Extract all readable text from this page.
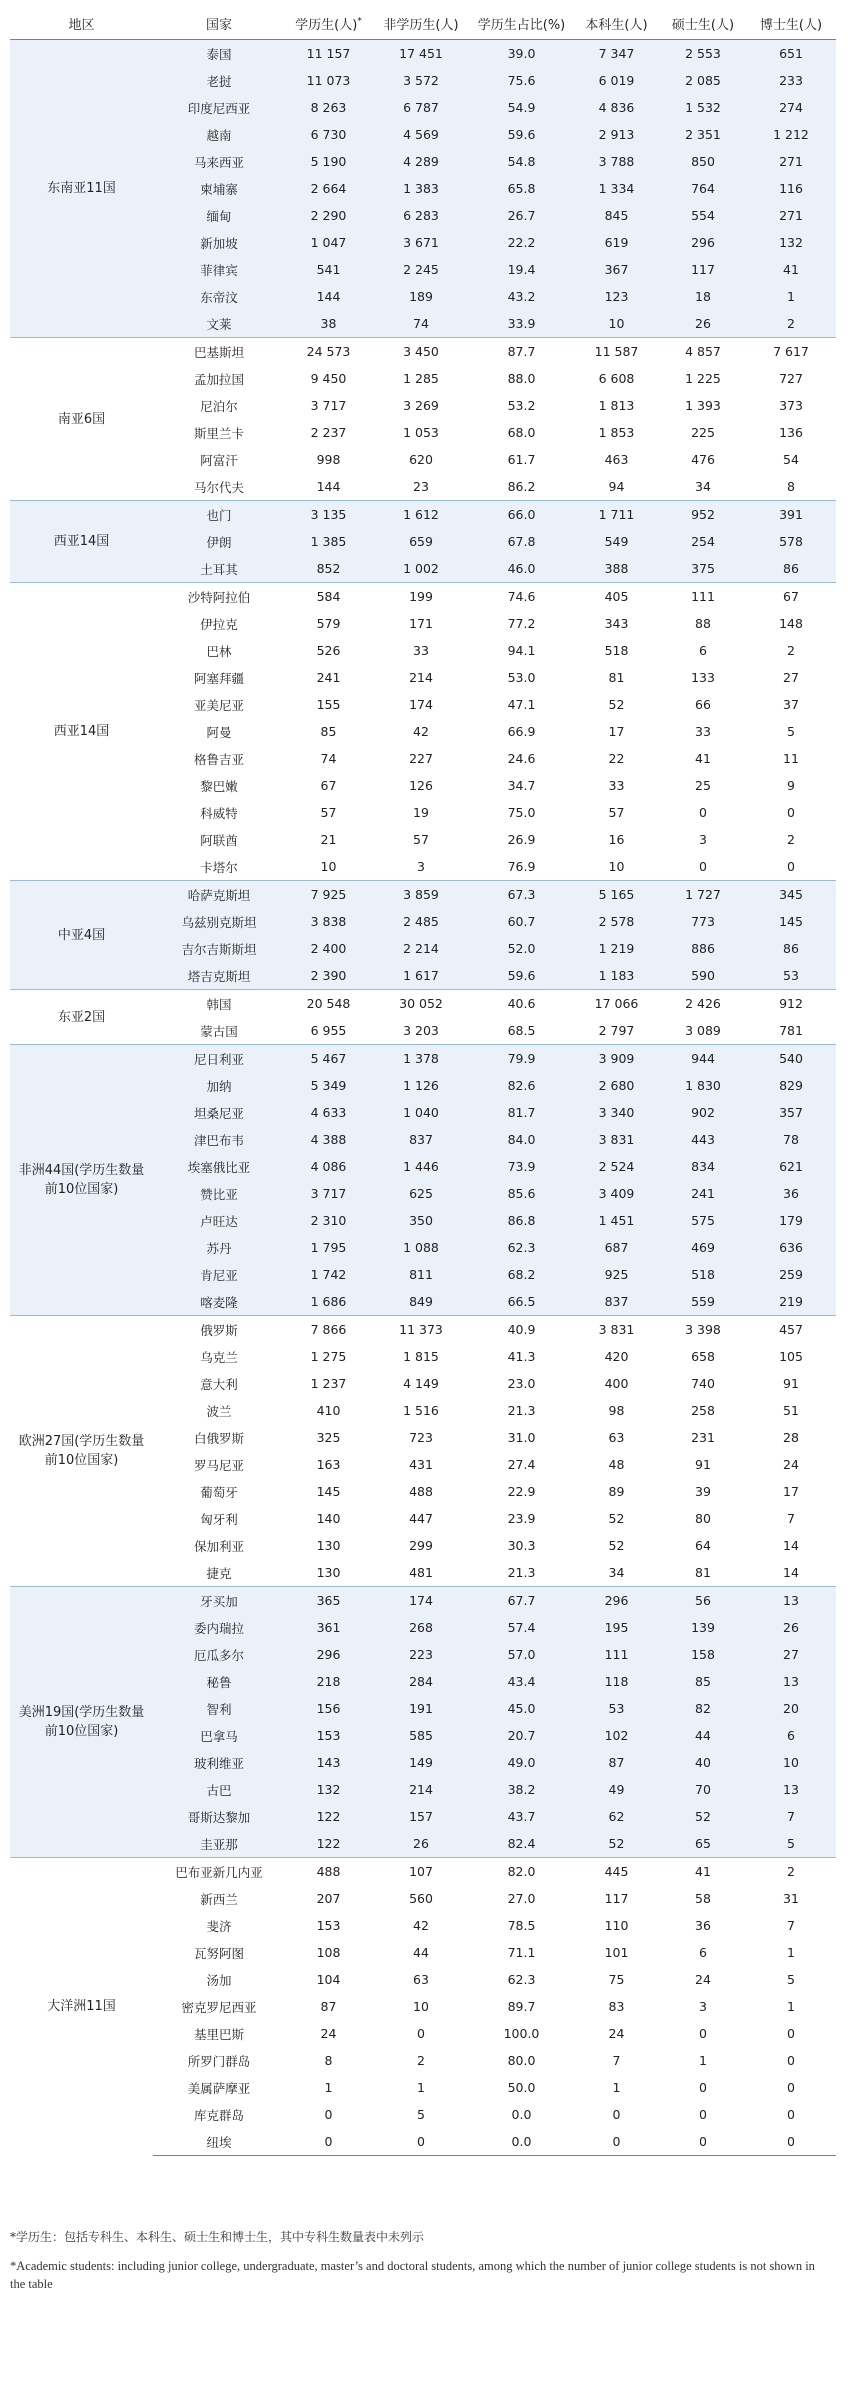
地区	国家	学历生(人)*	非学历生(人)	学历生占比(%)	本科生(人)	硕士生(人)	博士生(人)
东南亚11国	泰国	11 157	17 451	39.0	7 347	2 553	651
	老挝	11 073	3 572	75.6	6 019	2 085	233
	印度尼西亚	8 263	6 787	54.9	4 836	1 532	274
	越南	6 730	4 569	59.6	2 913	2 351	1 212
	马来西亚	5 190	4 289	54.8	3 788	850	271
	柬埔寨	2 664	1 383	65.8	1 334	764	116
	缅甸	2 290	6 283	26.7	845	554	271
	新加坡	1 047	3 671	22.2	619	296	132
	菲律宾	541	2 245	19.4	367	117	41
	东帝汶	144	189	43.2	123	18	1
	文莱	38	74	33.9	10	26	2
南亚6国	巴基斯坦	24 573	3 450	87.7	11 587	4 857	7 617
	孟加拉国	9 450	1 285	88.0	6 608	1 225	727
	尼泊尔	3 717	3 269	53.2	1 813	1 393	373
	斯里兰卡	2 237	1 053	68.0	1 853	225	136
	阿富汗	998	620	61.7	463	476	54
	马尔代夫	144	23	86.2	94	34	8
西亚14国	也门	3 135	1 612	66.0	1 711	952	391
	伊朗	1 385	659	67.8	549	254	578
	土耳其	852	1 002	46.0	388	375	86
西亚14国	沙特阿拉伯	584	199	74.6	405	111	67
	伊拉克	579	171	77.2	343	88	148
	巴林	526	33	94.1	518	6	2
	阿塞拜疆	241	214	53.0	81	133	27
	亚美尼亚	155	174	47.1	52	66	37
	阿曼	85	42	66.9	17	33	5
	格鲁吉亚	74	227	24.6	22	41	11
	黎巴嫩	67	126	34.7	33	25	9
	科威特	57	19	75.0	57	0	0
	阿联酋	21	57	26.9	16	3	2
	卡塔尔	10	3	76.9	10	0	0
中亚4国	哈萨克斯坦	7 925	3 859	67.3	5 165	1 727	345
	乌兹别克斯坦	3 838	2 485	60.7	2 578	773	145
	吉尔吉斯斯坦	2 400	2 214	52.0	1 219	886	86
	塔吉克斯坦	2 390	1 617	59.6	1 183	590	53
东亚2国	韩国	20 548	30 052	40.6	17 066	2 426	912
	蒙古国	6 955	3 203	68.5	2 797	3 089	781
非洲44国(学历生数量前10位国家)	尼日利亚	5 467	1 378	79.9	3 909	944	540
	加纳	5 349	1 126	82.6	2 680	1 830	829
	坦桑尼亚	4 633	1 040	81.7	3 340	902	357
	津巴布韦	4 388	837	84.0	3 831	443	78
	埃塞俄比亚	4 086	1 446	73.9	2 524	834	621
	赞比亚	3 717	625	85.6	3 409	241	36
	卢旺达	2 310	350	86.8	1 451	575	179
	苏丹	1 795	1 088	62.3	687	469	636
	肯尼亚	1 742	811	68.2	925	518	259
	喀麦隆	1 686	849	66.5	837	559	219
欧洲27国(学历生数量前10位国家)	俄罗斯	7 866	11 373	40.9	3 831	3 398	457
	乌克兰	1 275	1 815	41.3	420	658	105
	意大利	1 237	4 149	23.0	400	740	91
	波兰	410	1 516	21.3	98	258	51
	白俄罗斯	325	723	31.0	63	231	28
	罗马尼亚	163	431	27.4	48	91	24
	葡萄牙	145	488	22.9	89	39	17
	匈牙利	140	447	23.9	52	80	7
	保加利亚	130	299	30.3	52	64	14
	捷克	130	481	21.3	34	81	14
美洲19国(学历生数量前10位国家)	牙买加	365	174	67.7	296	56	13
	委内瑞拉	361	268	57.4	195	139	26
	厄瓜多尔	296	223	57.0	111	158	27
	秘鲁	218	284	43.4	118	85	13
	智利	156	191	45.0	53	82	20
	巴拿马	153	585	20.7	102	44	6
	玻利维亚	143	149	49.0	87	40	10
	古巴	132	214	38.2	49	70	13
	哥斯达黎加	122	157	43.7	62	52	7
	圭亚那	122	26	82.4	52	65	5
大洋洲11国	巴布亚新几内亚	488	107	82.0	445	41	2
	新西兰	207	560	27.0	117	58	31
	斐济	153	42	78.5	110	36	7
	瓦努阿图	108	44	71.1	101	6	1
	汤加	104	63	62.3	75	24	5
	密克罗尼西亚	87	10	89.7	83	3	1
	基里巴斯	24	0	100.0	24	0	0
	所罗门群岛	8	2	80.0	7	1	0
	美属萨摩亚	1	1	50.0	1	0	0
	库克群岛	0	5	0.0	0	0	0
	纽埃	0	0	0.0	0	0	0

*学历生：包括专科生、本科生、硕士生和博士生，其中专科生数量表中未列示

*Academic students: including junior college, undergraduate, master’s and doctoral students, among which the number of junior college students is not shown in the table
